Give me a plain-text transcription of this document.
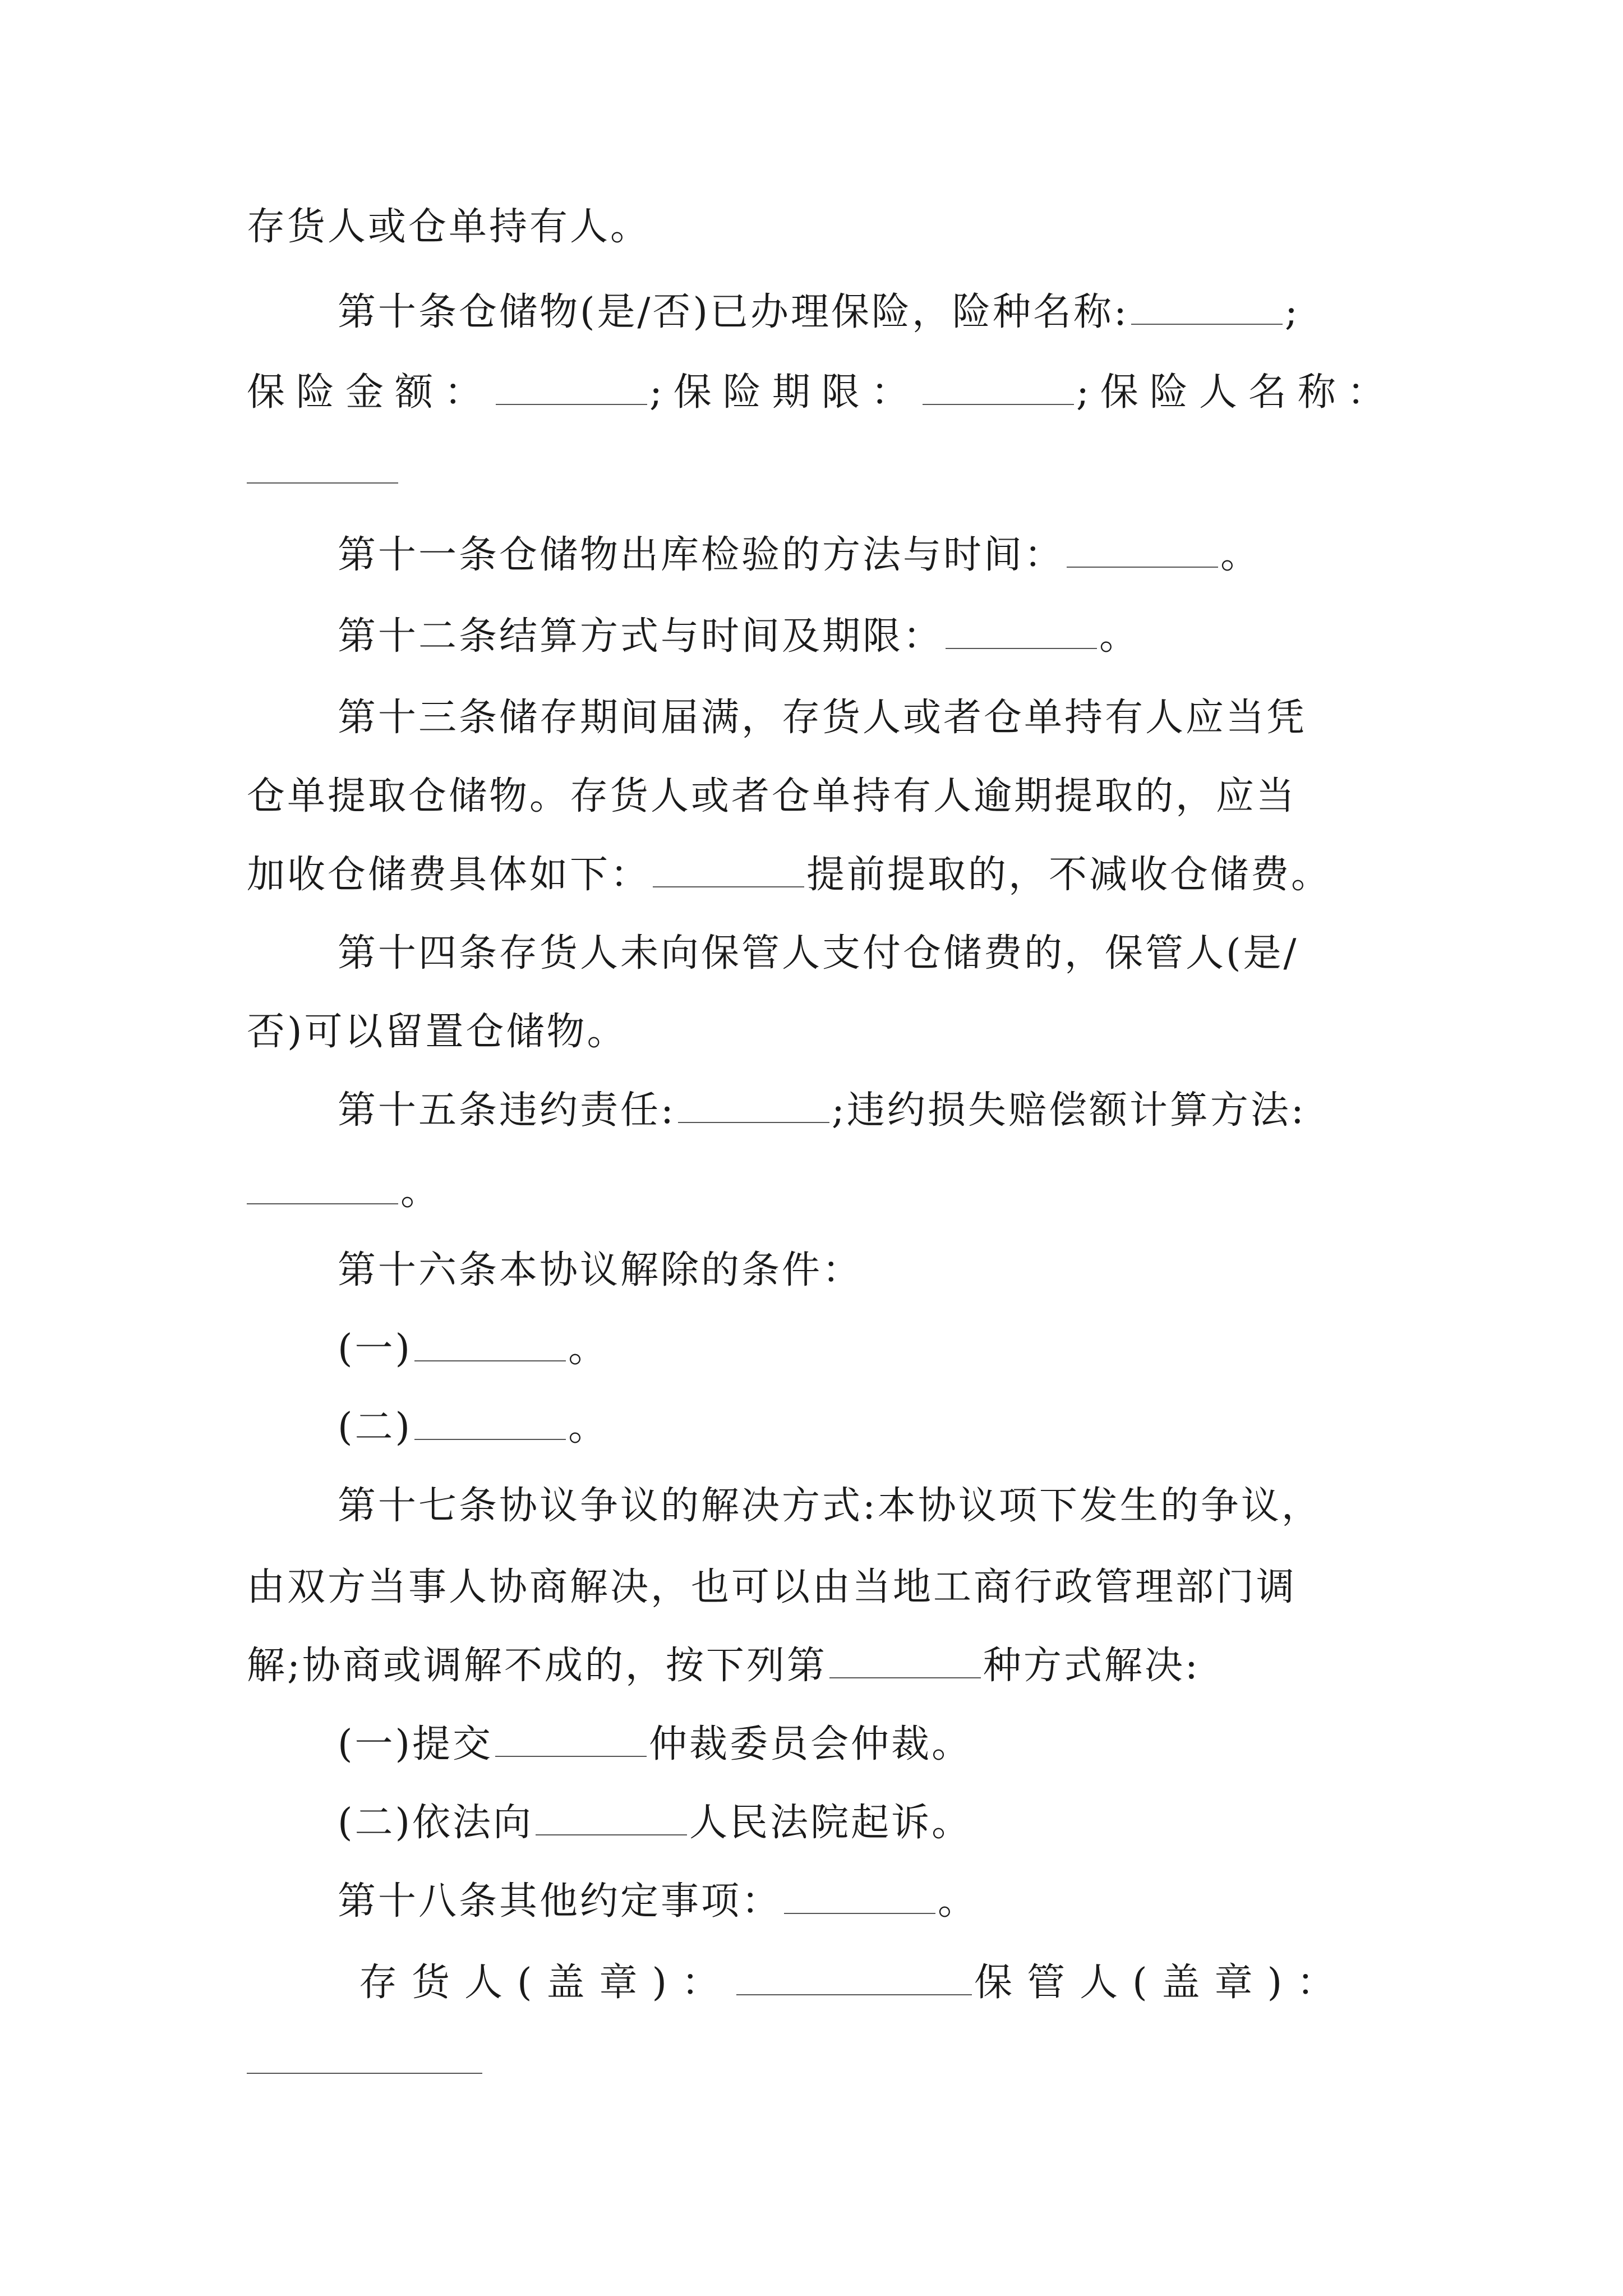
存货人或仓单持有人。
第十条仓储物(是/否)已办理保险，险种名称:	;
保险金额：	;保险期限：	;保险人名称：
第十一条仓储物出库检验的方法与时间：	。
第十二条结算方式与时间及期限：	。
第十三条储存期间届满，存货人或者仓单持有人应当凭
仓单提取仓储物。存货人或者仓单持有人逾期提取的，应当
加收仓储费具体如下：	提前提取的，不减收仓储费。
第十四条存货人未向保管人支付仓储费的，保管人(是/
否)可以留置仓储物。
第十五条违约责任:	;违约损失赔偿额计算方法:
。
第十六条本协议解除的条件：
(一)	。
(二)	。
第十七条协议争议的解决方式:本协议项下发生的争议，
由双方当事人协商解决，也可以由当地工商行政管理部门调
解;协商或调解不成的，按下列第	种方式解决:
(一)提交	仲裁委员会仲裁。
(二)依法向	人民法院起诉。
第十八条其他约定事项：	。
存货人(盖章)：	保管人(盖章)：
